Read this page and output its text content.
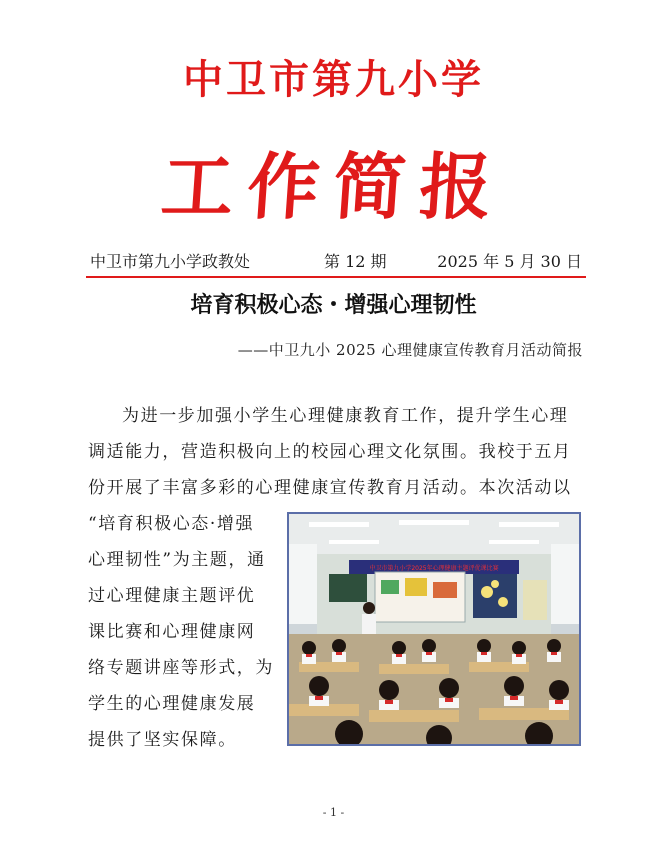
中卫市第九小学
工作简报
中卫市第九小学政教处	第 12 期	2025 年 5 月 30 日
培育积极心态・增强心理韧性
——中卫九小 2025 心理健康宣传教育月活动简报
为进一步加强小学生心理健康教育工作，提升学生心理
调适能力，营造积极向上的校园心理文化氛围。我校于五月
份开展了丰富多彩的心理健康宣传教育月活动。本次活动以
“培育积极心态·增强
心理韧性”为主题，通
过心理健康主题评优
课比赛和心理健康网
络专题讲座等形式，为
学生的心理健康发展
提供了坚实保障。
中卫市第九小学2025年心理健康主题评优课比赛
- 1 -
